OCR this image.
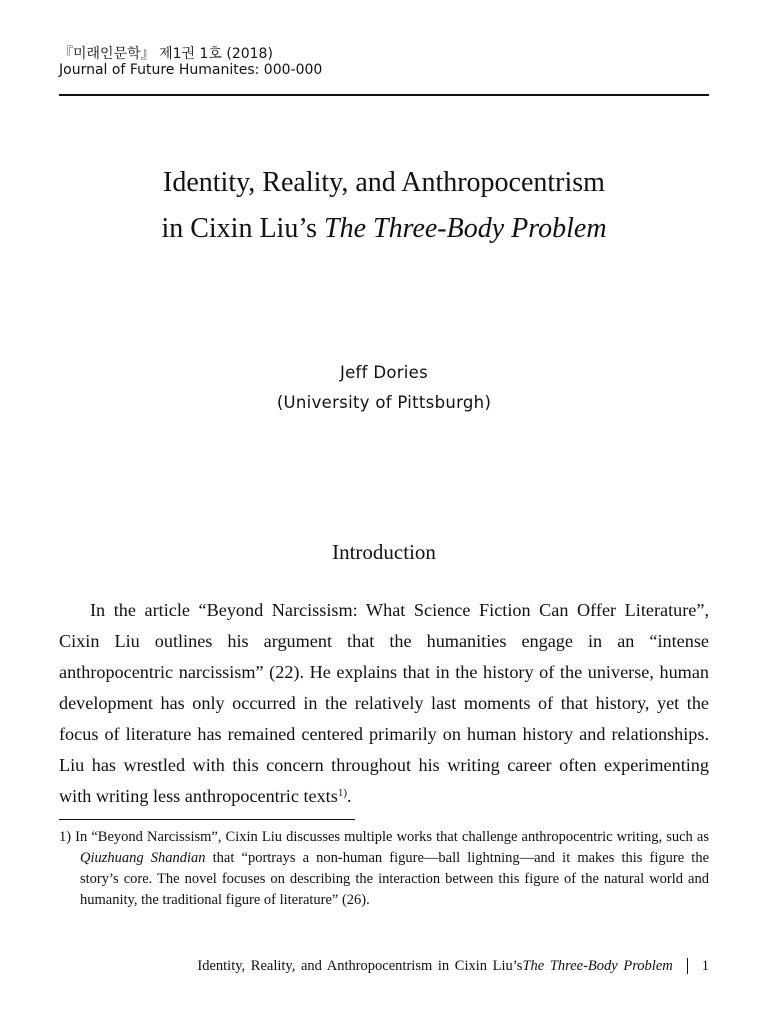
『미래인문학』 제1권 1호 (2018)
Journal of Future Humanites: 000-000
Identity, Reality, and Anthropocentrism
in Cixin Liu’s The Three-Body Problem
Jeff Dories
(University of Pittsburgh)
Introduction

In the article “Beyond Narcissism: What Science Fiction Can Offer Literature”, Cixin Liu outlines his argument that the humanities engage in an “intense anthropocentric narcissism” (22). He explains that in the history of the universe, human development has only occurred in the relatively last moments of that history, yet the focus of literature has remained centered primarily on human history and relationships. Liu has wrestled with this concern throughout his writing career often experimenting with writing less anthropocentric texts$^{1)}$.

1) In “Beyond Narcissism”, Cixin Liu discusses multiple works that challenge anthropocentric writing, such as Qiuzhuang Shandian that “portrays a non-human figure—ball lightning—and it makes this figure the story’s core. The novel focuses on describing the interaction between this figure of the natural world and humanity, the traditional figure of literature” (26).

Identity, Reality, and Anthropocentrism in Cixin Liu’s The Three-Body Problem 1
